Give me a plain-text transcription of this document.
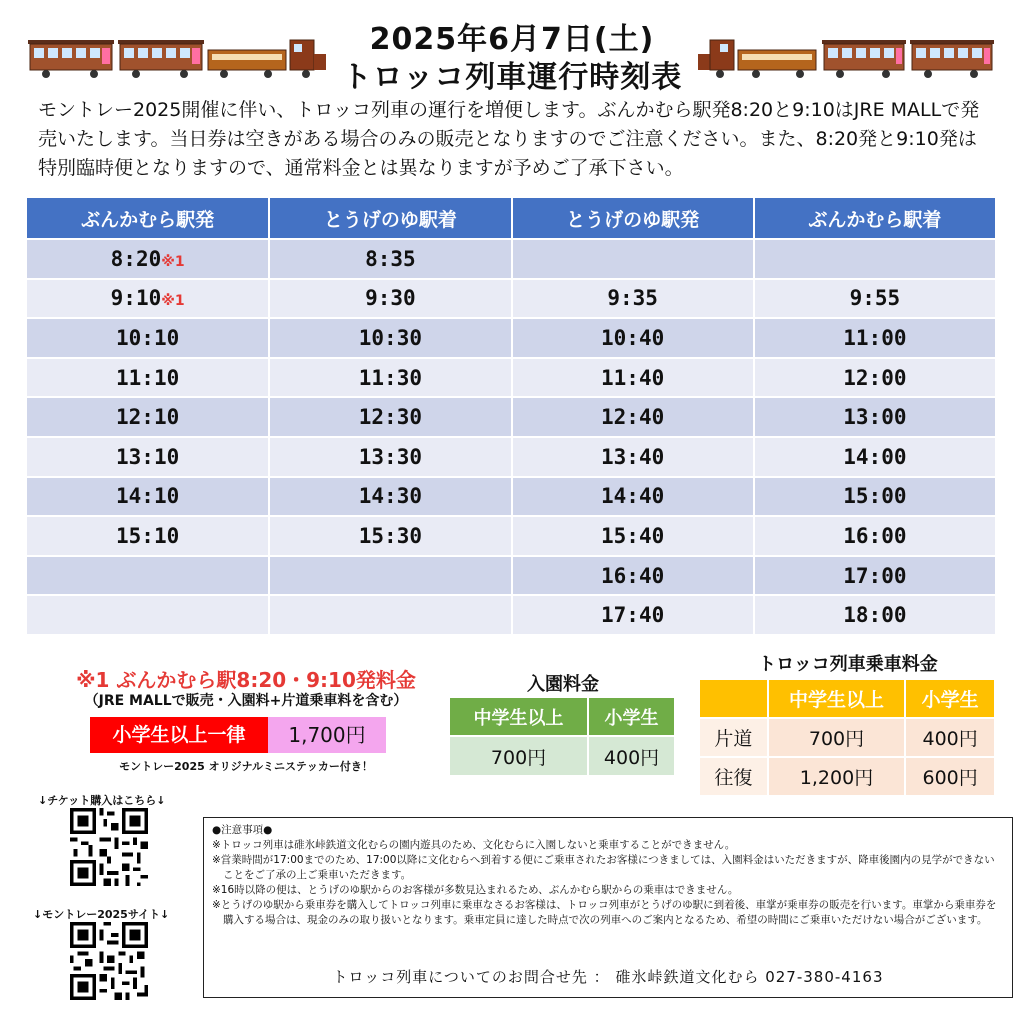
2025年6月7日(土)
トロッコ列車運行時刻表
モントレー2025開催に伴い、トロッコ列車の運行を増便します。ぶんかむら駅発8:20と9:10はJRE MALLで発売いたします。当日券は空きがある場合のみの販売となりますのでご注意ください。また、8:20発と9:10発は特別臨時便となりますので、通常料金とは異なりますが予めご了承下さい。
ぶんかむら駅発	とうげのゆ駅着	とうげのゆ駅発	ぶんかむら駅着
8:20※1	8:35		
9:10※1	9:30	9:35	9:55
10:10	10:30	10:40	11:00
11:10	11:30	11:40	12:00
12:10	12:30	12:40	13:00
13:10	13:30	13:40	14:00
14:10	14:30	14:40	15:00
15:10	15:30	15:40	16:00
		16:40	17:00
		17:40	18:00
※1 ぶんかむら駅8:20・9:10発料金
（JRE MALLで販売・入園料+片道乗車料を含む）
小学生以上一律	1,700円
モントレー2025 オリジナルミニステッカー付き！
入園料金
中学生以上	小学生
700円	400円
トロッコ列車乗車料金
	中学生以上	小学生
片道	700円	400円
往復	1,200円	600円
↓チケット購入はこちら↓
↓モントレー2025サイト↓

●注意事項●

※トロッコ列車は碓氷峠鉄道文化むらの園内遊具のため、文化むらに入園しないと乗車することができません。

※営業時間が17:00までのため、17:00以降に文化むらへ到着する便にご乗車されたお客様につきましては、入園料金はいただきますが、降車後園内の見学ができないことをご了承の上ご乗車いただきます。

※16時以降の便は、とうげのゆ駅からのお客様が多数見込まれるため、ぶんかむら駅からの乗車はできません。

※とうげのゆ駅から乗車券を購入してトロッコ列車に乗車なさるお客様は、トロッコ列車がとうげのゆ駅に到着後、車掌が乗車券の販売を行います。車掌から乗車券を購入する場合は、現金のみの取り扱いとなります。乗車定員に達した時点で次の列車へのご案内となるため、希望の時間にご乗車いただけない場合がございます。

トロッコ列車についてのお問合せ先 ： 碓氷峠鉄道文化むら 027-380-4163
